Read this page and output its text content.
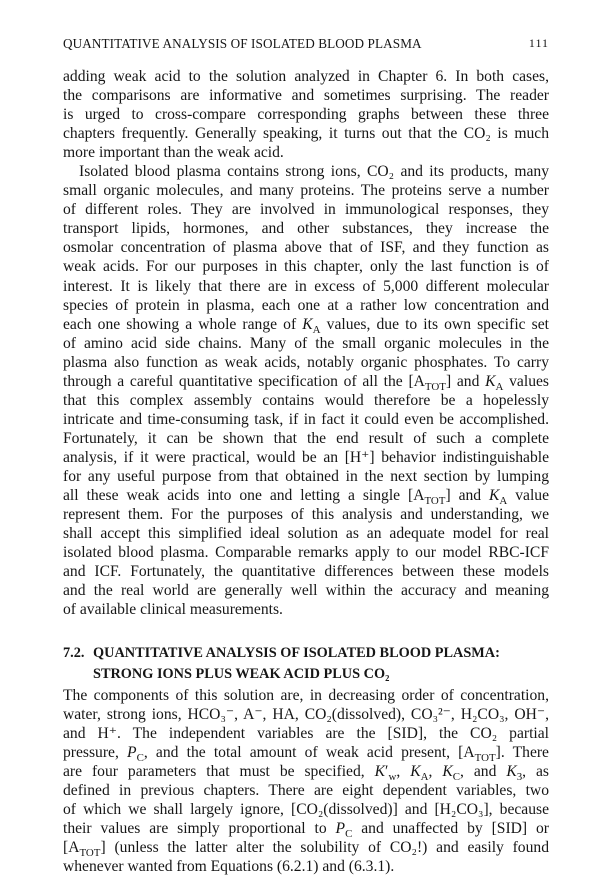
QUANTITATIVE ANALYSIS OF ISOLATED BLOOD PLASMA	111
adding weak acid to the solution analyzed in Chapter 6. In both cases,
the comparisons are informative and sometimes surprising. The reader
is urged to cross-compare corresponding graphs between these three
chapters frequently. Generally speaking, it turns out that the CO₂ is much
more important than the weak acid.
Isolated blood plasma contains strong ions, CO₂ and its products, many
small organic molecules, and many proteins. The proteins serve a number
of different roles. They are involved in immunological responses, they
transport lipids, hormones, and other substances, they increase the
osmolar concentration of plasma above that of ISF, and they function as
weak acids. For our purposes in this chapter, only the last function is of
interest. It is likely that there are in excess of 5,000 different molecular
species of protein in plasma, each one at a rather low concentration and
each one showing a whole range of $K_A$ values, due to its own specific set
of amino acid side chains. Many of the small organic molecules in the
plasma also function as weak acids, notably organic phosphates. To carry
through a careful quantitative specification of all the $[A_{TOT}]$ and $K_A$ values
that this complex assembly contains would therefore be a hopelessly
intricate and time-consuming task, if in fact it could even be accomplished.
Fortunately, it can be shown that the end result of such a complete
analysis, if it were practical, would be an [H⁺] behavior indistinguishable
for any useful purpose from that obtained in the next section by lumping
all these weak acids into one and letting a single $[A_{TOT}]$ and $K_A$ value
represent them. For the purposes of this analysis and understanding, we
shall accept this simplified ideal solution as an adequate model for real
isolated blood plasma. Comparable remarks apply to our model RBC-ICF
and ICF. Fortunately, the quantitative differences between these models
and the real world are generally well within the accuracy and meaning
of available clinical measurements.
7.2. QUANTITATIVE ANALYSIS OF ISOLATED BLOOD PLASMA:
STRONG IONS PLUS WEAK ACID PLUS CO₂
The components of this solution are, in decreasing order of concentration,
water, strong ions, HCO₃⁻, A⁻, HA, CO₂(dissolved), CO₃²⁻, H₂CO₃, OH⁻,
and H⁺. The independent variables are the [SID], the CO₂ partial
pressure, $P_C$, and the total amount of weak acid present, $[A_{TOT}]$. There
are four parameters that must be specified, $K'_w$, $K_A$, $K_C$, and $K_3$, as
defined in previous chapters. There are eight dependent variables, two
of which we shall largely ignore, [CO₂(dissolved)] and [H₂CO₃], because
their values are simply proportional to $P_C$ and unaffected by [SID] or
$[A_{TOT}]$ (unless the latter alter the solubility of CO₂!) and easily found
whenever wanted from Equations (6.2.1) and (6.3.1).
